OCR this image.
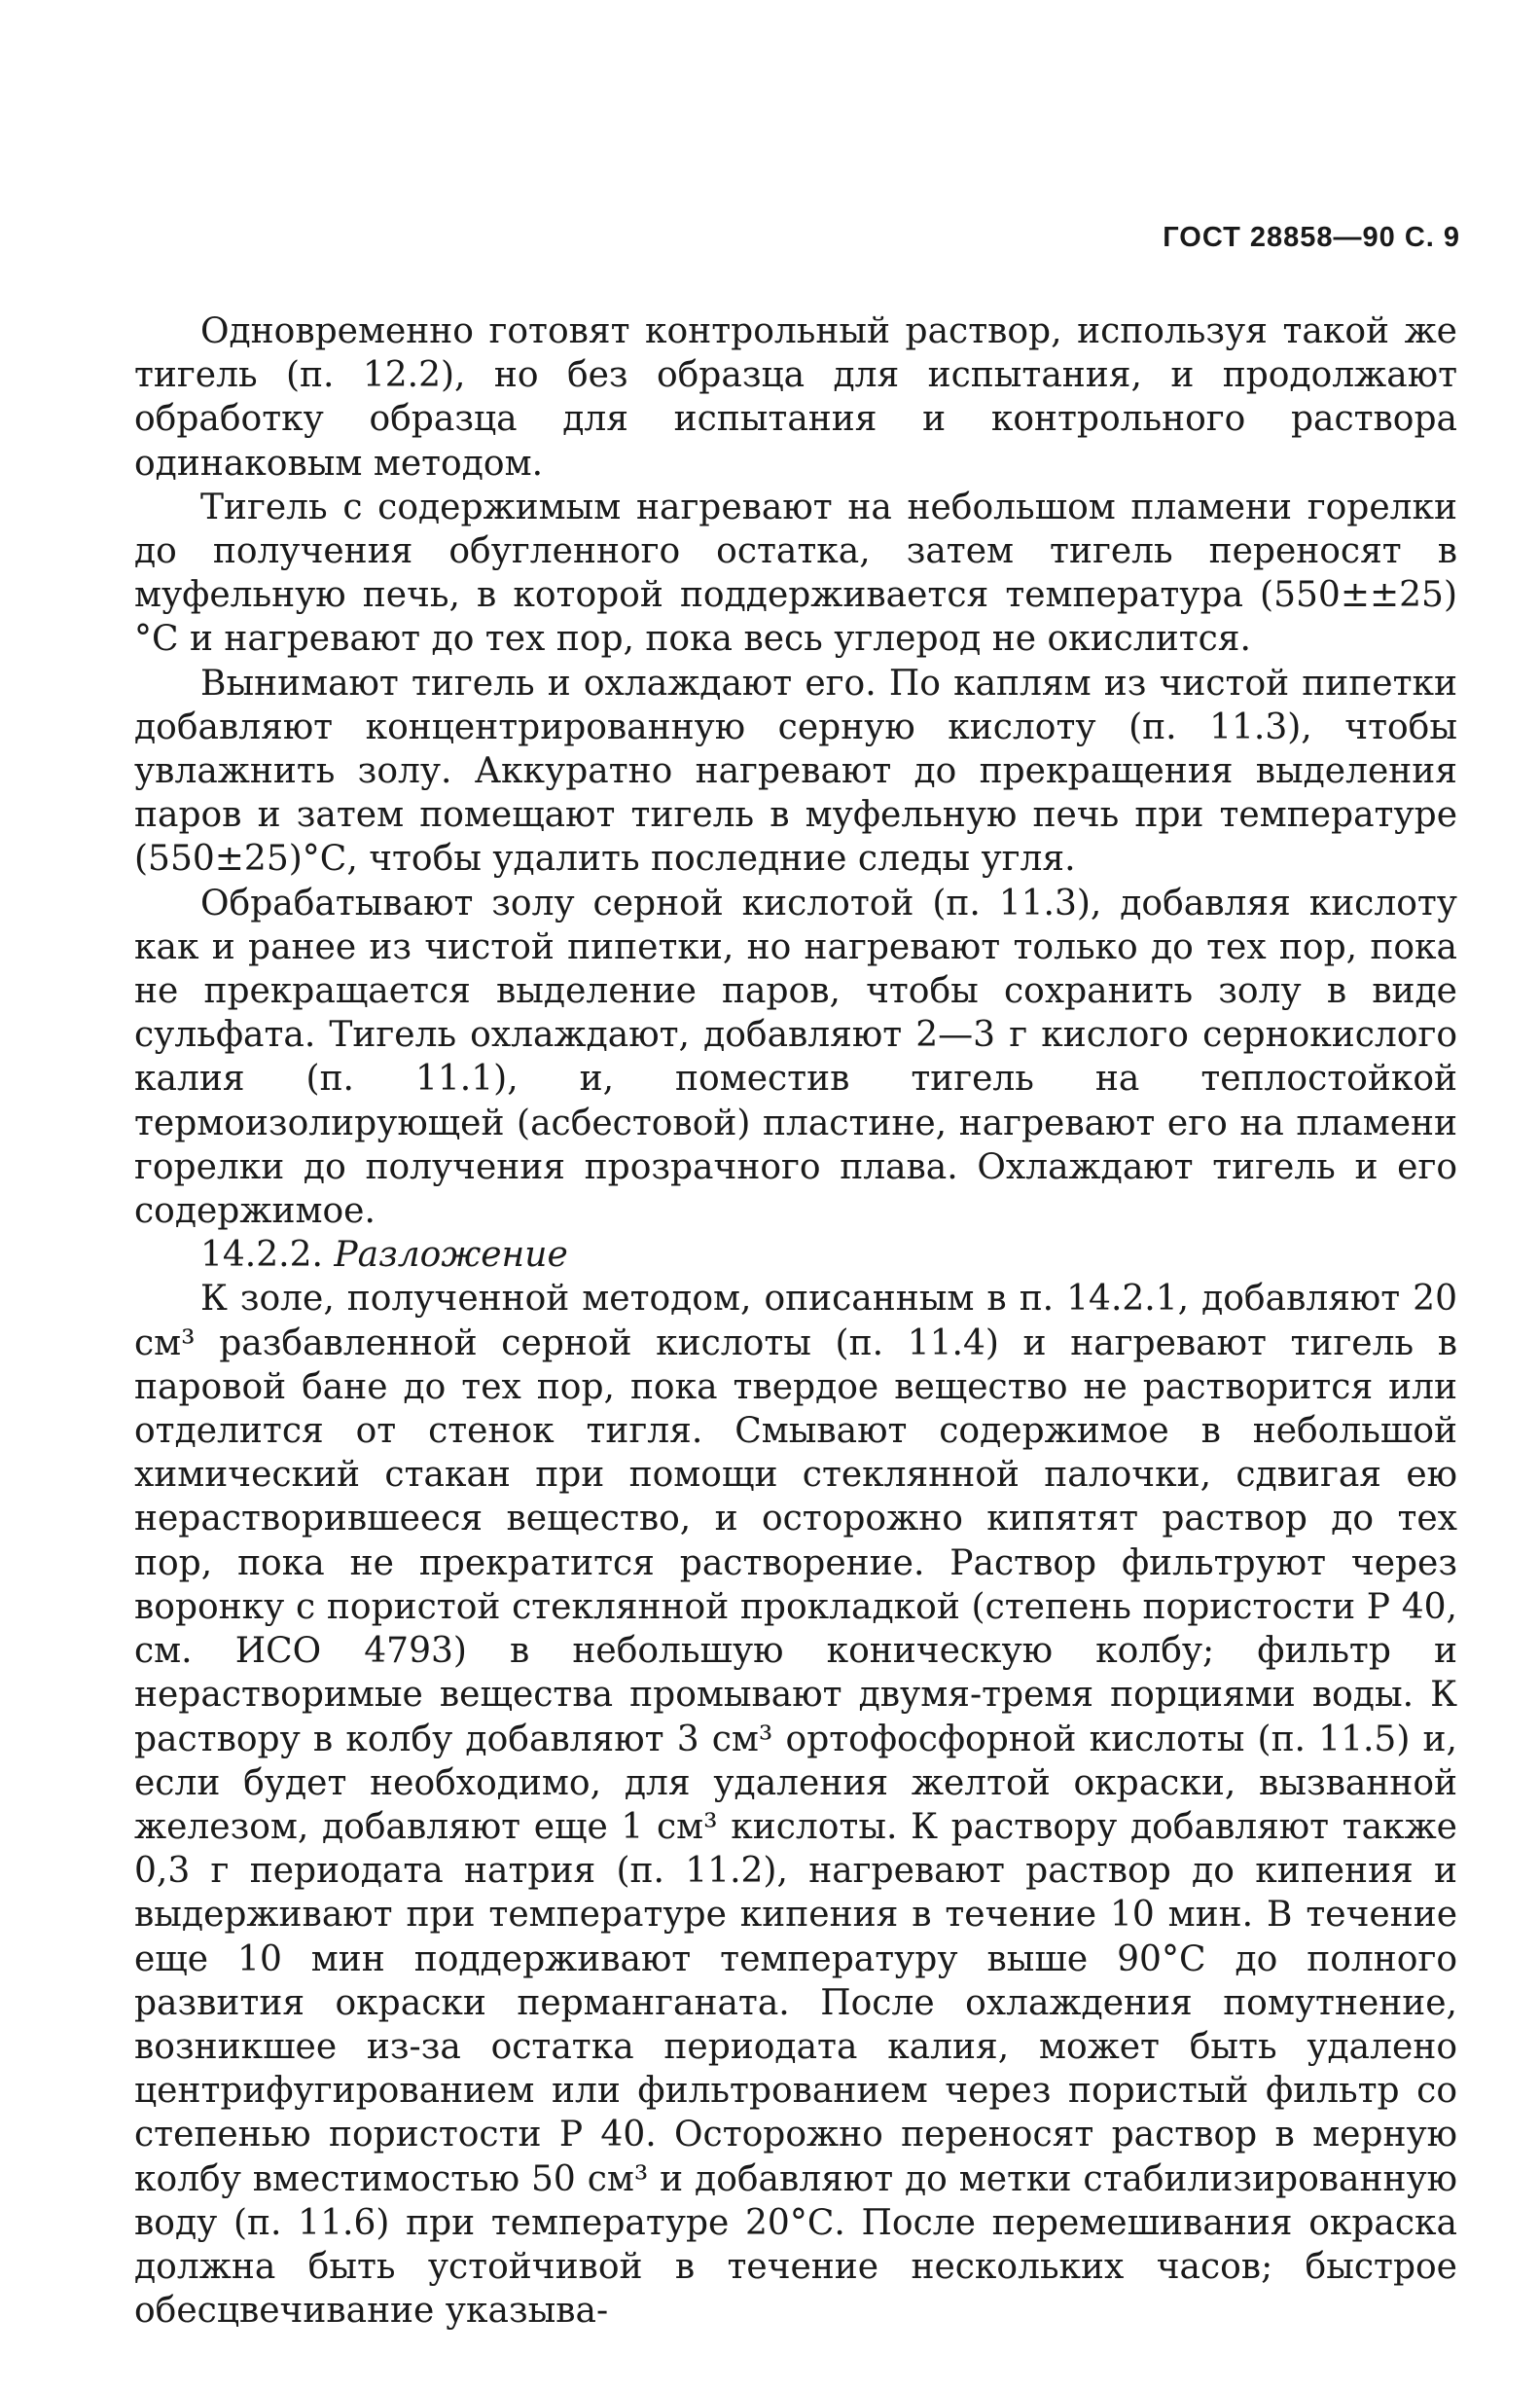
ГОСТ 28858—90 С. 9

Одновременно готовят контрольный раствор, используя такой же тигель (п. 12.2), но без образца для испытания, и продолжают обработку образца для испытания и контрольного раствора одинаковым методом.

Тигель с содержимым нагревают на небольшом пламени горелки до получения обугленного остатка, затем тигель переносят в муфельную печь, в которой поддерживается температура (550±±25)°С и нагревают до тех пор, пока весь углерод не окислится.

Вынимают тигель и охлаждают его. По каплям из чистой пипетки добавляют концентрированную серную кислоту (п. 11.3), чтобы увлажнить золу. Аккуратно нагревают до прекращения выделения паров и затем помещают тигель в муфельную печь при температуре (550±25)°С, чтобы удалить последние следы угля.

Обрабатывают золу серной кислотой (п. 11.3), добавляя кислоту как и ранее из чистой пипетки, но нагревают только до тех пор, пока не прекращается выделение паров, чтобы сохранить золу в виде сульфата. Тигель охлаждают, добавляют 2—3 г кислого сернокислого калия (п. 11.1), и, поместив тигель на теплостойкой термоизолирующей (асбестовой) пластине, нагревают его на пламени горелки до получения прозрачного плава. Охлаждают тигель и его содержимое.

14.2.2. Разложение

К золе, полученной методом, описанным в п. 14.2.1, добавляют 20 см³ разбавленной серной кислоты (п. 11.4) и нагревают тигель в паровой бане до тех пор, пока твердое вещество не растворится или отделится от стенок тигля. Смывают содержимое в небольшой химический стакан при помощи стеклянной палочки, сдвигая ею нерастворившееся вещество, и осторожно кипятят раствор до тех пор, пока не прекратится растворение. Раствор фильтруют через воронку с пористой стеклянной прокладкой (степень пористости Р 40, см. ИСО 4793) в небольшую коническую колбу; фильтр и нерастворимые вещества промывают двумя-тремя порциями воды. К раствору в колбу добавляют 3 см³ ортофосфорной кислоты (п. 11.5) и, если будет необходимо, для удаления желтой окраски, вызванной железом, добавляют еще 1 см³ кислоты. К раствору добавляют также 0,3 г периодата натрия (п. 11.2), нагревают раствор до кипения и выдерживают при температуре кипения в течение 10 мин. В течение еще 10 мин поддерживают температуру выше 90°С до полного развития окраски перманганата. После охлаждения помутнение, возникшее из-за остатка периодата калия, может быть удалено центрифугированием или фильтрованием через пористый фильтр со степенью пористости Р 40. Осторожно переносят раствор в мерную колбу вместимостью 50 см³ и добавляют до метки стабилизированную воду (п. 11.6) при температуре 20°С. После перемешивания окраска должна быть устойчивой в течение нескольких часов; быстрое обесцвечивание указыва-
